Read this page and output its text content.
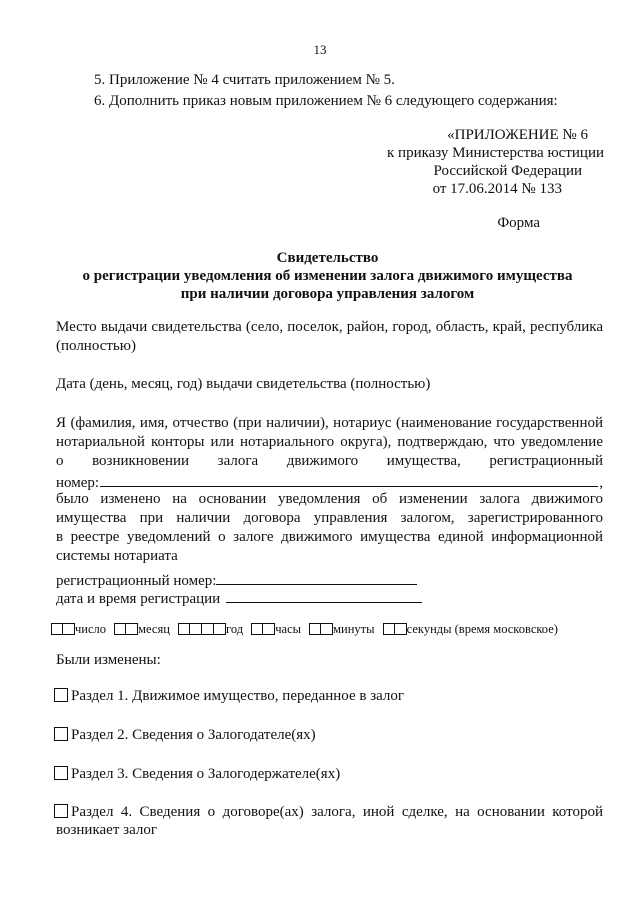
13
5. Приложение № 4 считать приложением № 5.
6. Дополнить приказ новым приложением № 6 следующего содержания:
«ПРИЛОЖЕНИЕ № 6
к приказу Министерства юстиции
Российской Федерации
от 17.06.2014 № 133
Форма
Свидетельство
о регистрации уведомления об изменении залога движимого имущества
при наличии договора управления залогом
Место выдачи свидетельства (село, поселок, район, город, область, край, республика
(полностью)
Дата (день, месяц, год) выдачи свидетельства (полностью)
Я (фамилия, имя, отчество (при наличии), нотариус (наименование государственной
нотариальной конторы или нотариального округа), подтверждаю, что уведомление
о возникновении залога движимого имущества, регистрационный
номер:	,
было изменено на основании уведомления об изменении залога движимого
имущества при наличии договора управления залогом, зарегистрированного
в реестре уведомлений о залоге движимого имущества единой информационной
системы нотариата
регистрационный номер:
дата и время регистрации
число	месяц	год	часы	минуты	секунды (время московское)
Были изменены:
Раздел 1. Движимое имущество, переданное в залог
Раздел 2. Сведения о Залогодателе(ях)
Раздел 3. Сведения о Залогодержателе(ях)
Раздел 4. Сведения о договоре(ах) залога, иной сделке, на основании которой
возникает залог
